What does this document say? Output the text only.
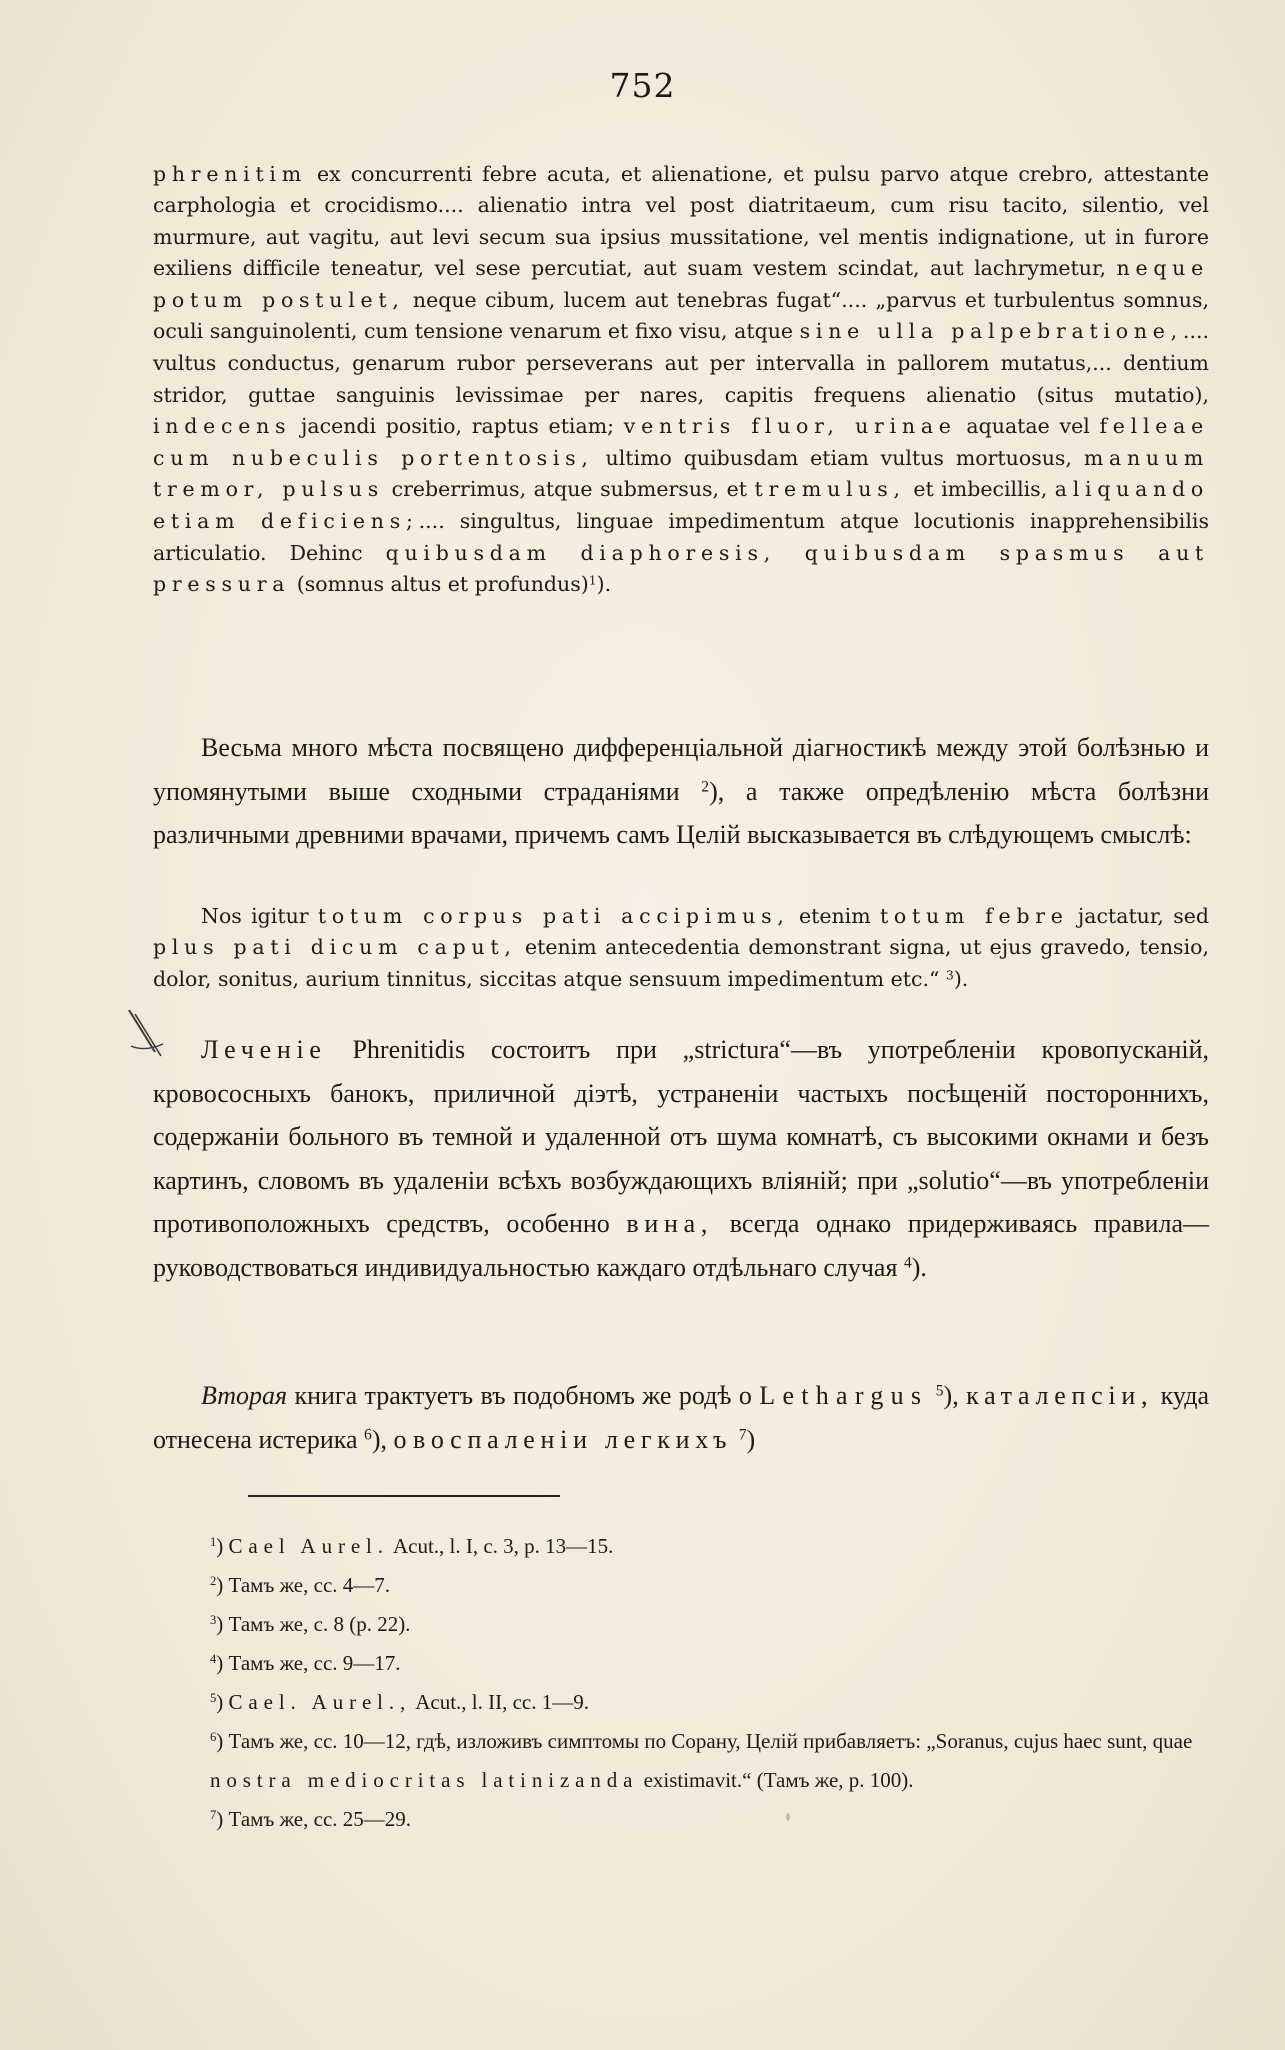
752

phrenitim ex concurrenti febre acuta, et alienatione, et pulsu parvo atque crebro, attestante carphologia et crocidismo.... alienatio intra vel post diatritaeum, cum risu tacito, silentio, vel murmure, aut vagitu, aut levi secum sua ipsius mussitatione, vel mentis indignatione, ut in furore exiliens difficile teneatur, vel sese percutiat, aut suam vestem scindat, aut lachrymetur, neque potum postulet, neque cibum, lucem aut tenebras fugat“.... „parvus et turbulentus somnus, oculi sanguinolenti, cum tensione venarum et fixo visu, atque sine ulla palpebratione,.... vultus conductus, genarum rubor perseverans aut per intervalla in pallorem mutatus,... dentium stridor, guttae sanguinis levissimae per nares, capitis frequens alienatio (situs mutatio), indecens jacendi positio, raptus etiam; ventris fluor, urinae aquatae vel felleae cum nubeculis portentosis, ultimo quibusdam etiam vultus mortuosus, manuum tremor, pulsus creberrimus, atque submersus, et tremulus, et imbecillis, aliquando etiam deficiens;.... singultus, linguae impedimentum atque locutionis inapprehensibilis articulatio. Dehinc quibusdam diaphoresis, quibusdam spasmus aut pressura (somnus altus et profundus)$^1$).

Весьма много мѣста посвящено дифференціальной діагностикѣ между этой болѣзнью и упомянутыми выше сходными страданіями $^2$), а также опредѣленію мѣста болѣзни различными древними врачами, причемъ самъ Целій высказывается въ слѣдующемъ смыслѣ:

Nos igitur totum corpus pati accipimus, etenim totum febre jactatur, sed plus pati dicum caput, etenim antecedentia demonstrant signa, ut ejus gravedo, tensio, dolor, sonitus, aurium tinnitus, siccitas atque sensuum impedimentum etc.“ $^3$).

Леченіе Phrenitidis состоитъ при „strictura“—въ употребленіи кровопусканій, кровососныхъ банокъ, приличной діэтѣ, устраненіи частыхъ посѣщеній постороннихъ, содержаніи больного въ темной и удаленной отъ шума комнатѣ, съ высокими окнами и безъ картинъ, словомъ въ удаленіи всѣхъ возбуждающихъ вліяній; при „solutio“—въ употребленіи противоположныхъ средствъ, особенно вина, всегда однако придерживаясь правила—руководствоваться индивидуальностью каждаго отдѣльнаго случая $^4$).

Вторая книга трактуетъ въ подобномъ же родѣ о Lethargus $^5$), каталепсіи, куда отнесена истерика $^6$), о воспаленіи легкихъ $^7$)

$^1$) Cael Aurel. Acut., l. I, c. 3, p. 13—15.

$^2$) Тамъ же, cc. 4—7.

$^3$) Тамъ же, c. 8 (p. 22).

$^4$) Тамъ же, cc. 9—17.

$^5$) Cael. Aurel., Acut., l. II, cc. 1—9.

$^6$) Тамъ же, cc. 10—12, гдѣ, изложивъ симптомы по Сорану, Целій прибавляетъ: „Soranus, cujus haec sunt, quae nostra mediocritas latinizanda existimavit.“ (Тамъ же, p. 100).

$^7$) Тамъ же, cc. 25—29.
